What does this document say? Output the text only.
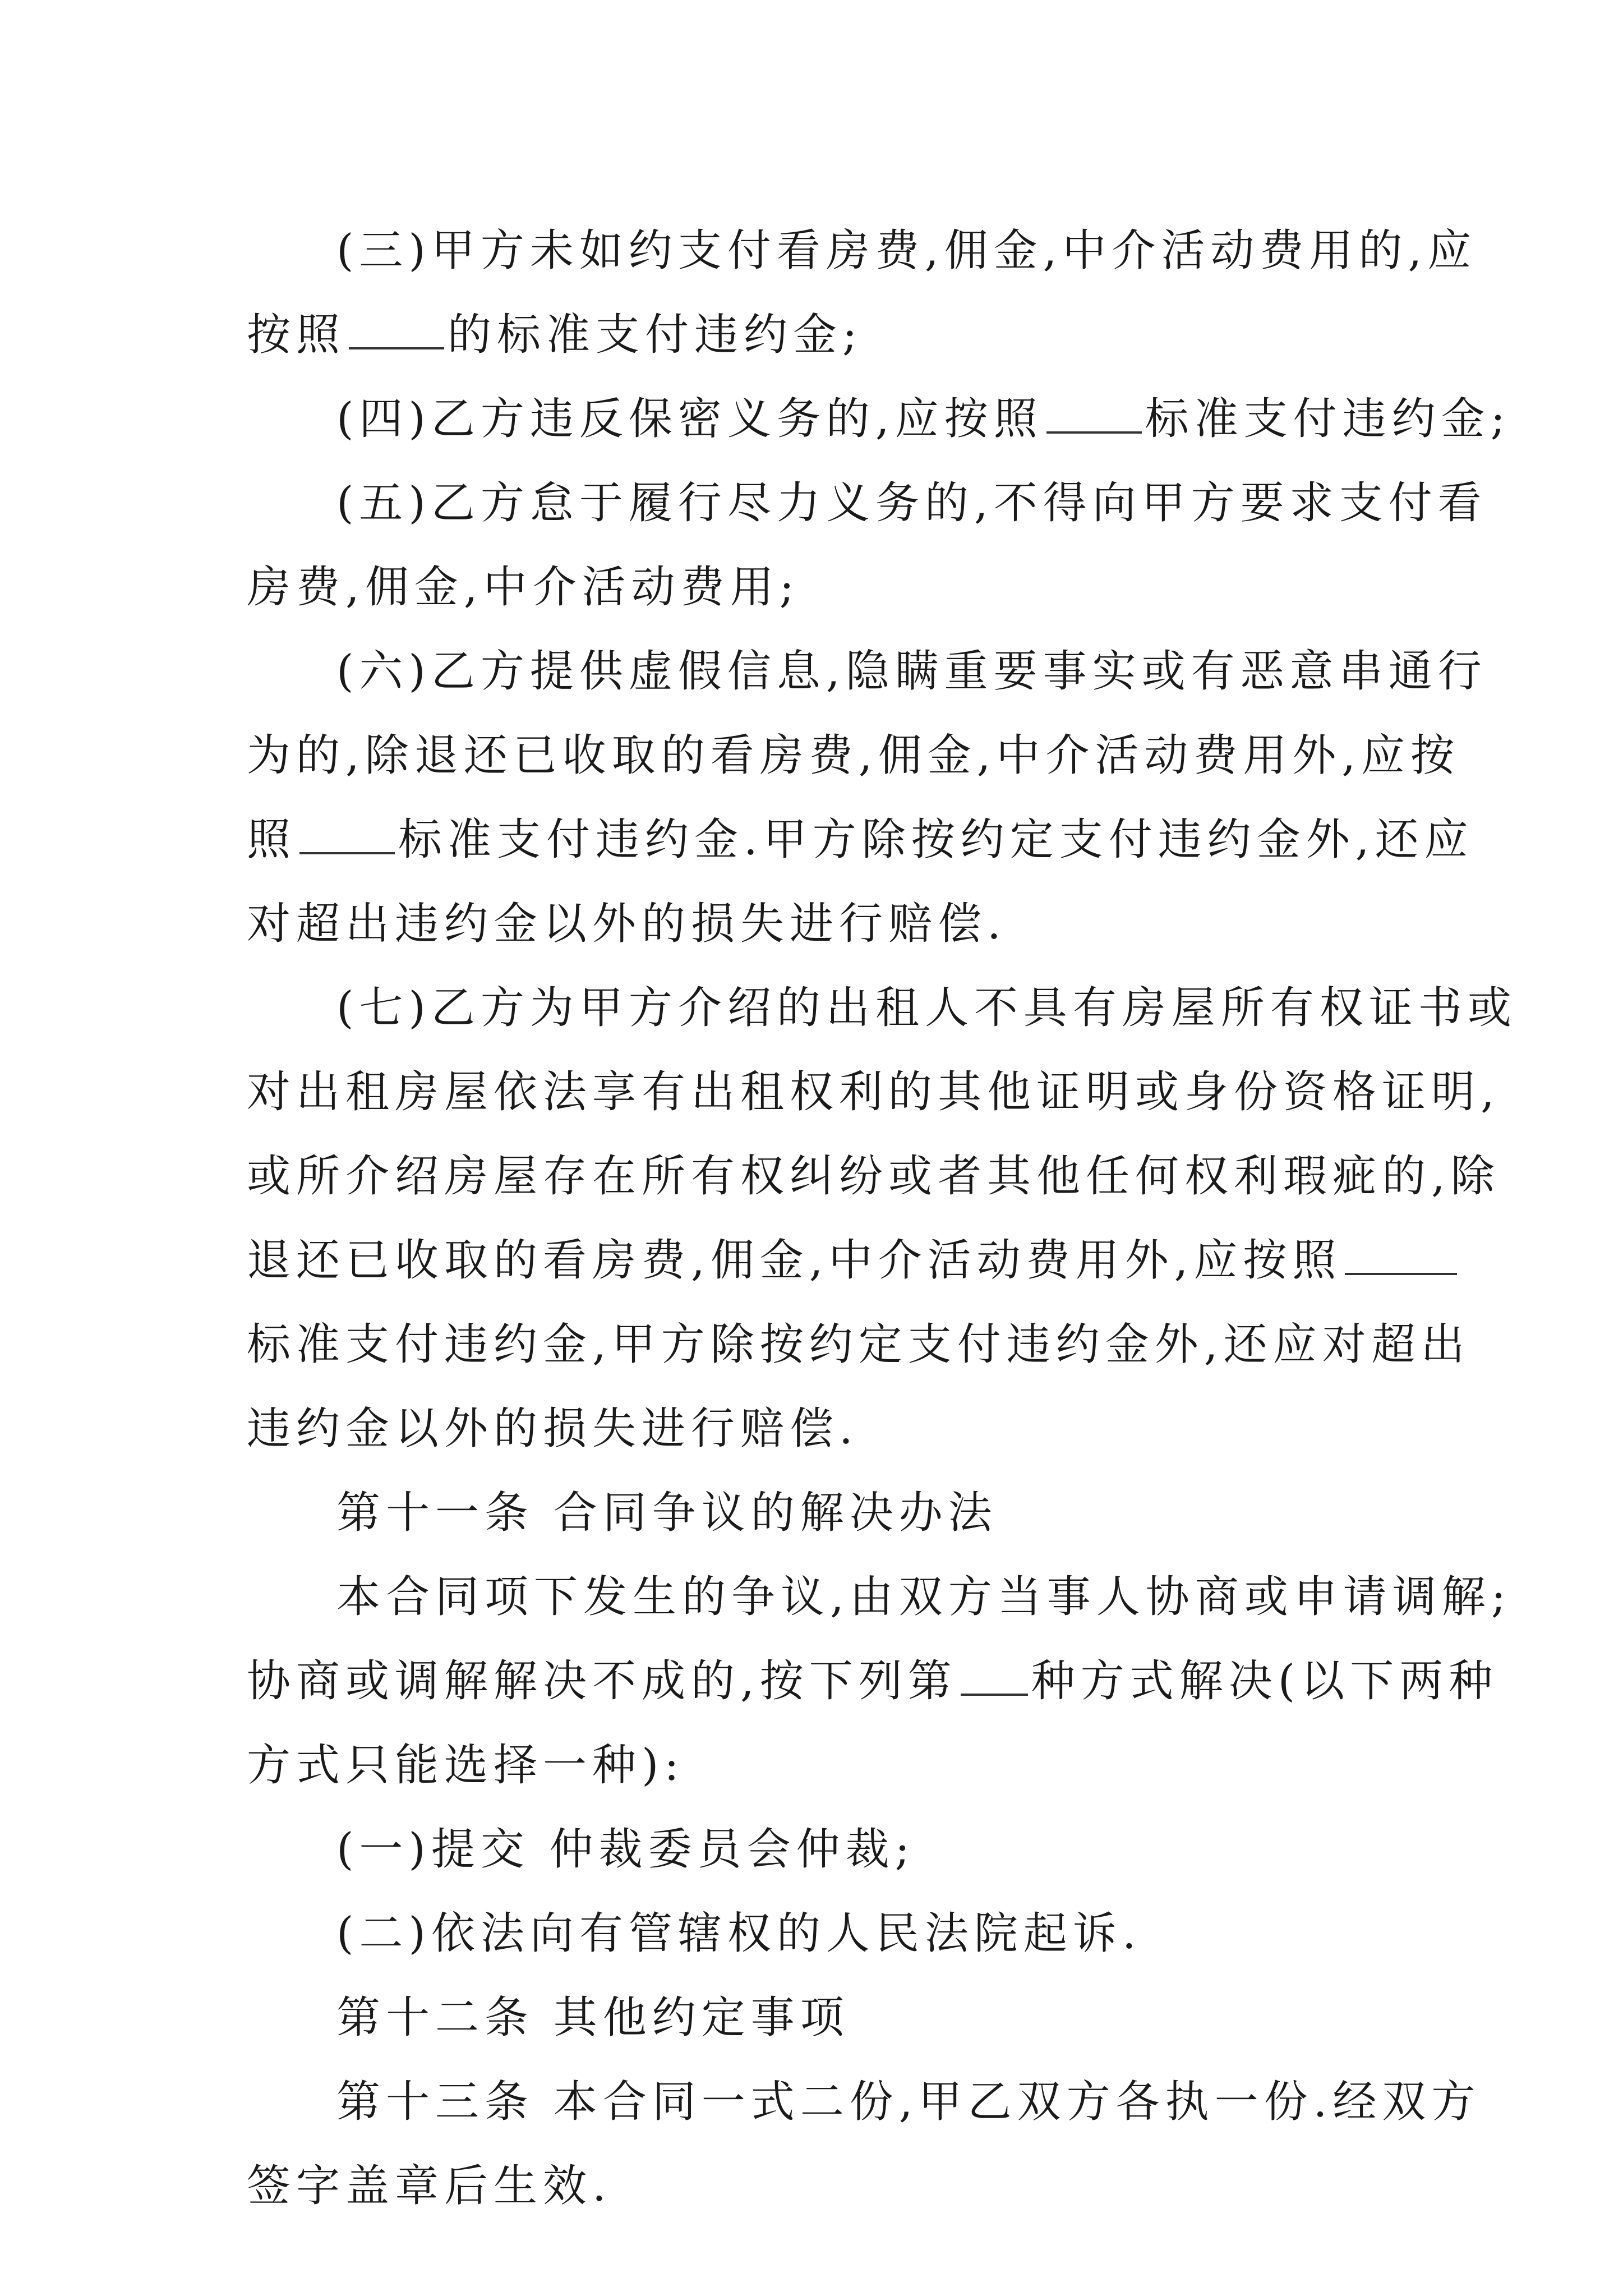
(三)甲方未如约支付看房费,佣金,中介活动费用的,应
按照 的标准支付违约金;
(四)乙方违反保密义务的,应按照 标准支付违约金;
(五)乙方怠于履行尽力义务的,不得向甲方要求支付看
房费,佣金,中介活动费用;
(六)乙方提供虚假信息,隐瞒重要事实或有恶意串通行
为的,除退还已收取的看房费,佣金,中介活动费用外,应按
照 标准支付违约金.甲方除按约定支付违约金外,还应
对超出违约金以外的损失进行赔偿.
(七)乙方为甲方介绍的出租人不具有房屋所有权证书或
对出租房屋依法享有出租权利的其他证明或身份资格证明,
或所介绍房屋存在所有权纠纷或者其他任何权利瑕疵的,除
退还已收取的看房费,佣金,中介活动费用外,应按照
标准支付违约金,甲方除按约定支付违约金外,还应对超出
违约金以外的损失进行赔偿.
第十一条 合同争议的解决办法
本合同项下发生的争议,由双方当事人协商或申请调解;
协商或调解解决不成的,按下列第 种方式解决(以下两种
方式只能选择一种):
(一)提交 仲裁委员会仲裁;
(二)依法向有管辖权的人民法院起诉.
第十二条 其他约定事项
第十三条 本合同一式二份,甲乙双方各执一份.经双方
签字盖章后生效.
